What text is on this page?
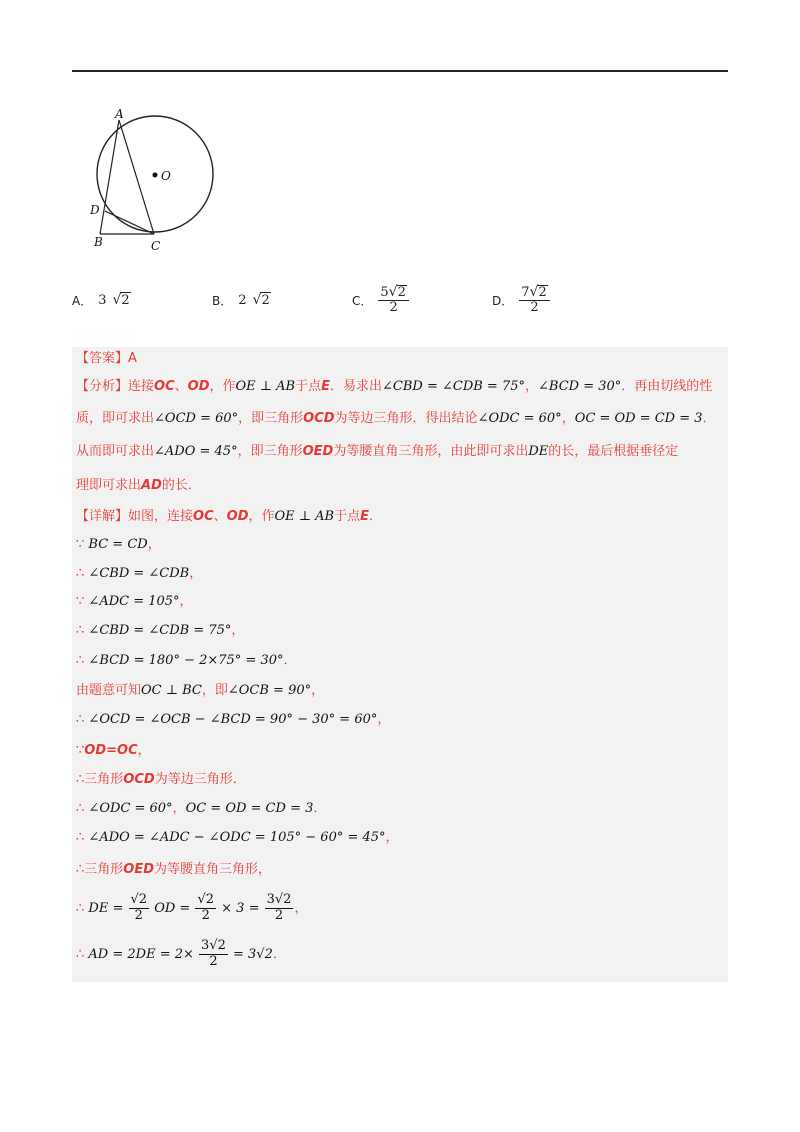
A
O
D
B	C
A． 3 √ 2	B． 2 √ 2	C． $\frac{5 √ 2}{2}$	D． $\frac{7 √ 2}{2}$
【答案】A
【分析】连接OC、OD，作OE ⊥ AB于点E．易求出∠CBD = ∠CDB = 75°，∠BCD = 30°．再由切线的性
质，即可求出∠OCD = 60°，即三角形OCD为等边三角形．得出结论∠ODC = 60°，OC = OD = CD = 3．
从而即可求出∠ADO = 45°，即三角形OED为等腰直角三角形，由此即可求出DE的长，最后根据垂径定
理即可求出AD的长．
【详解】如图，连接OC、OD，作OE ⊥ AB于点E．
∵ BC = CD，
∴ ∠CBD = ∠CDB，
∵ ∠ADC = 105°，
∴ ∠CBD = ∠CDB = 75°，
∴ ∠BCD = 180° − 2×75° = 30°．
由题意可知OC ⊥ BC，即∠OCB = 90°，
∴ ∠OCD = ∠OCB − ∠BCD = 90° − 30° = 60°，
∵OD=OC，
∴三角形OCD为等边三角形．
∴ ∠ODC = 60°，OC = OD = CD = 3．
∴ ∠ADO = ∠ADC − ∠ODC = 105° − 60° = 45°，
∴三角形OED为等腰直角三角形，
∴ DE = $\frac{√2}{2}$ OD = $\frac{√2}{2} \times 3 = \frac{3√2}{2}$ ，
∴ AD = $2DE = 2\times \frac{3√2}{2} = 3√2$．
